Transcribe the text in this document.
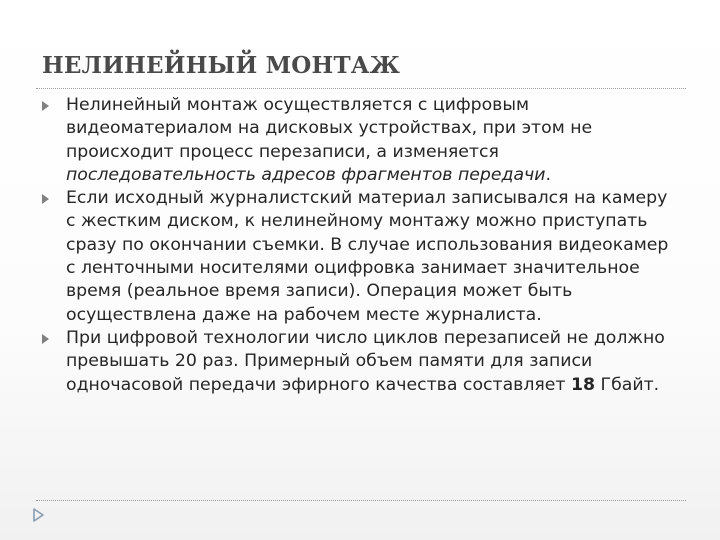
НЕЛИНЕЙНЫЙ МОНТАЖ
Нелинейный монтаж осуществляется с цифровым видеоматериалом на дисковых устройствах, при этом не происходит процесс перезаписи, а изменяется последовательность адресов фрагментов передачи.
Если исходный журналистский материал записывался на камеру с жестким диском, к нелинейному монтажу можно приступать сразу по окончании съемки. В случае использования видеокамер с ленточными носителями оцифровка занимает значительное время (реальное время записи). Операция может быть осуществлена даже на рабочем месте журналиста.
При цифровой технологии число циклов перезаписей не должно превышать 20 раз. Примерный объем памяти для записи одночасовой передачи эфирного качества составляет 18 Гбайт.
